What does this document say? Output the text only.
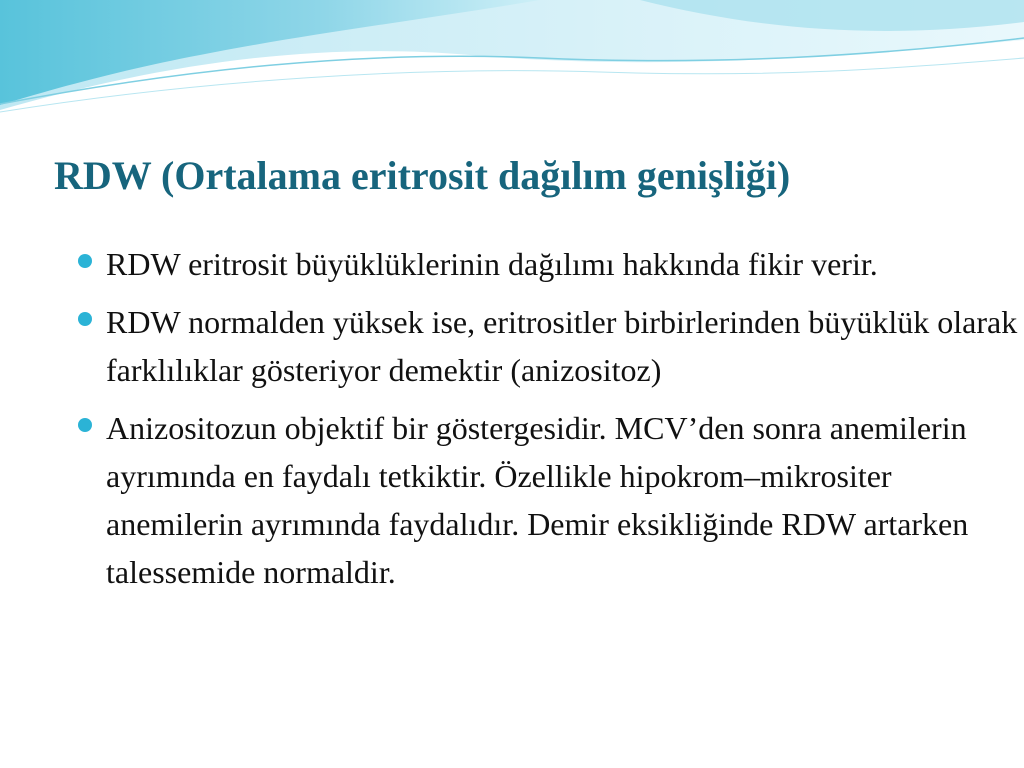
RDW (Ortalama eritrosit dağılım genişliği)
RDW eritrosit büyüklüklerinin dağılımı hakkında fikir verir.
RDW normalden yüksek ise, eritrositler birbirlerinden büyüklük olarak farklılıklar gösteriyor demektir (anizositoz)
Anizositozun objektif bir göstergesidir. MCV’den sonra anemilerin ayrımında en faydalı tetkiktir. Özellikle hipokrom–mikrositer anemilerin ayrımında faydalıdır. Demir eksikliğinde RDW artarken talessemide normaldir.
